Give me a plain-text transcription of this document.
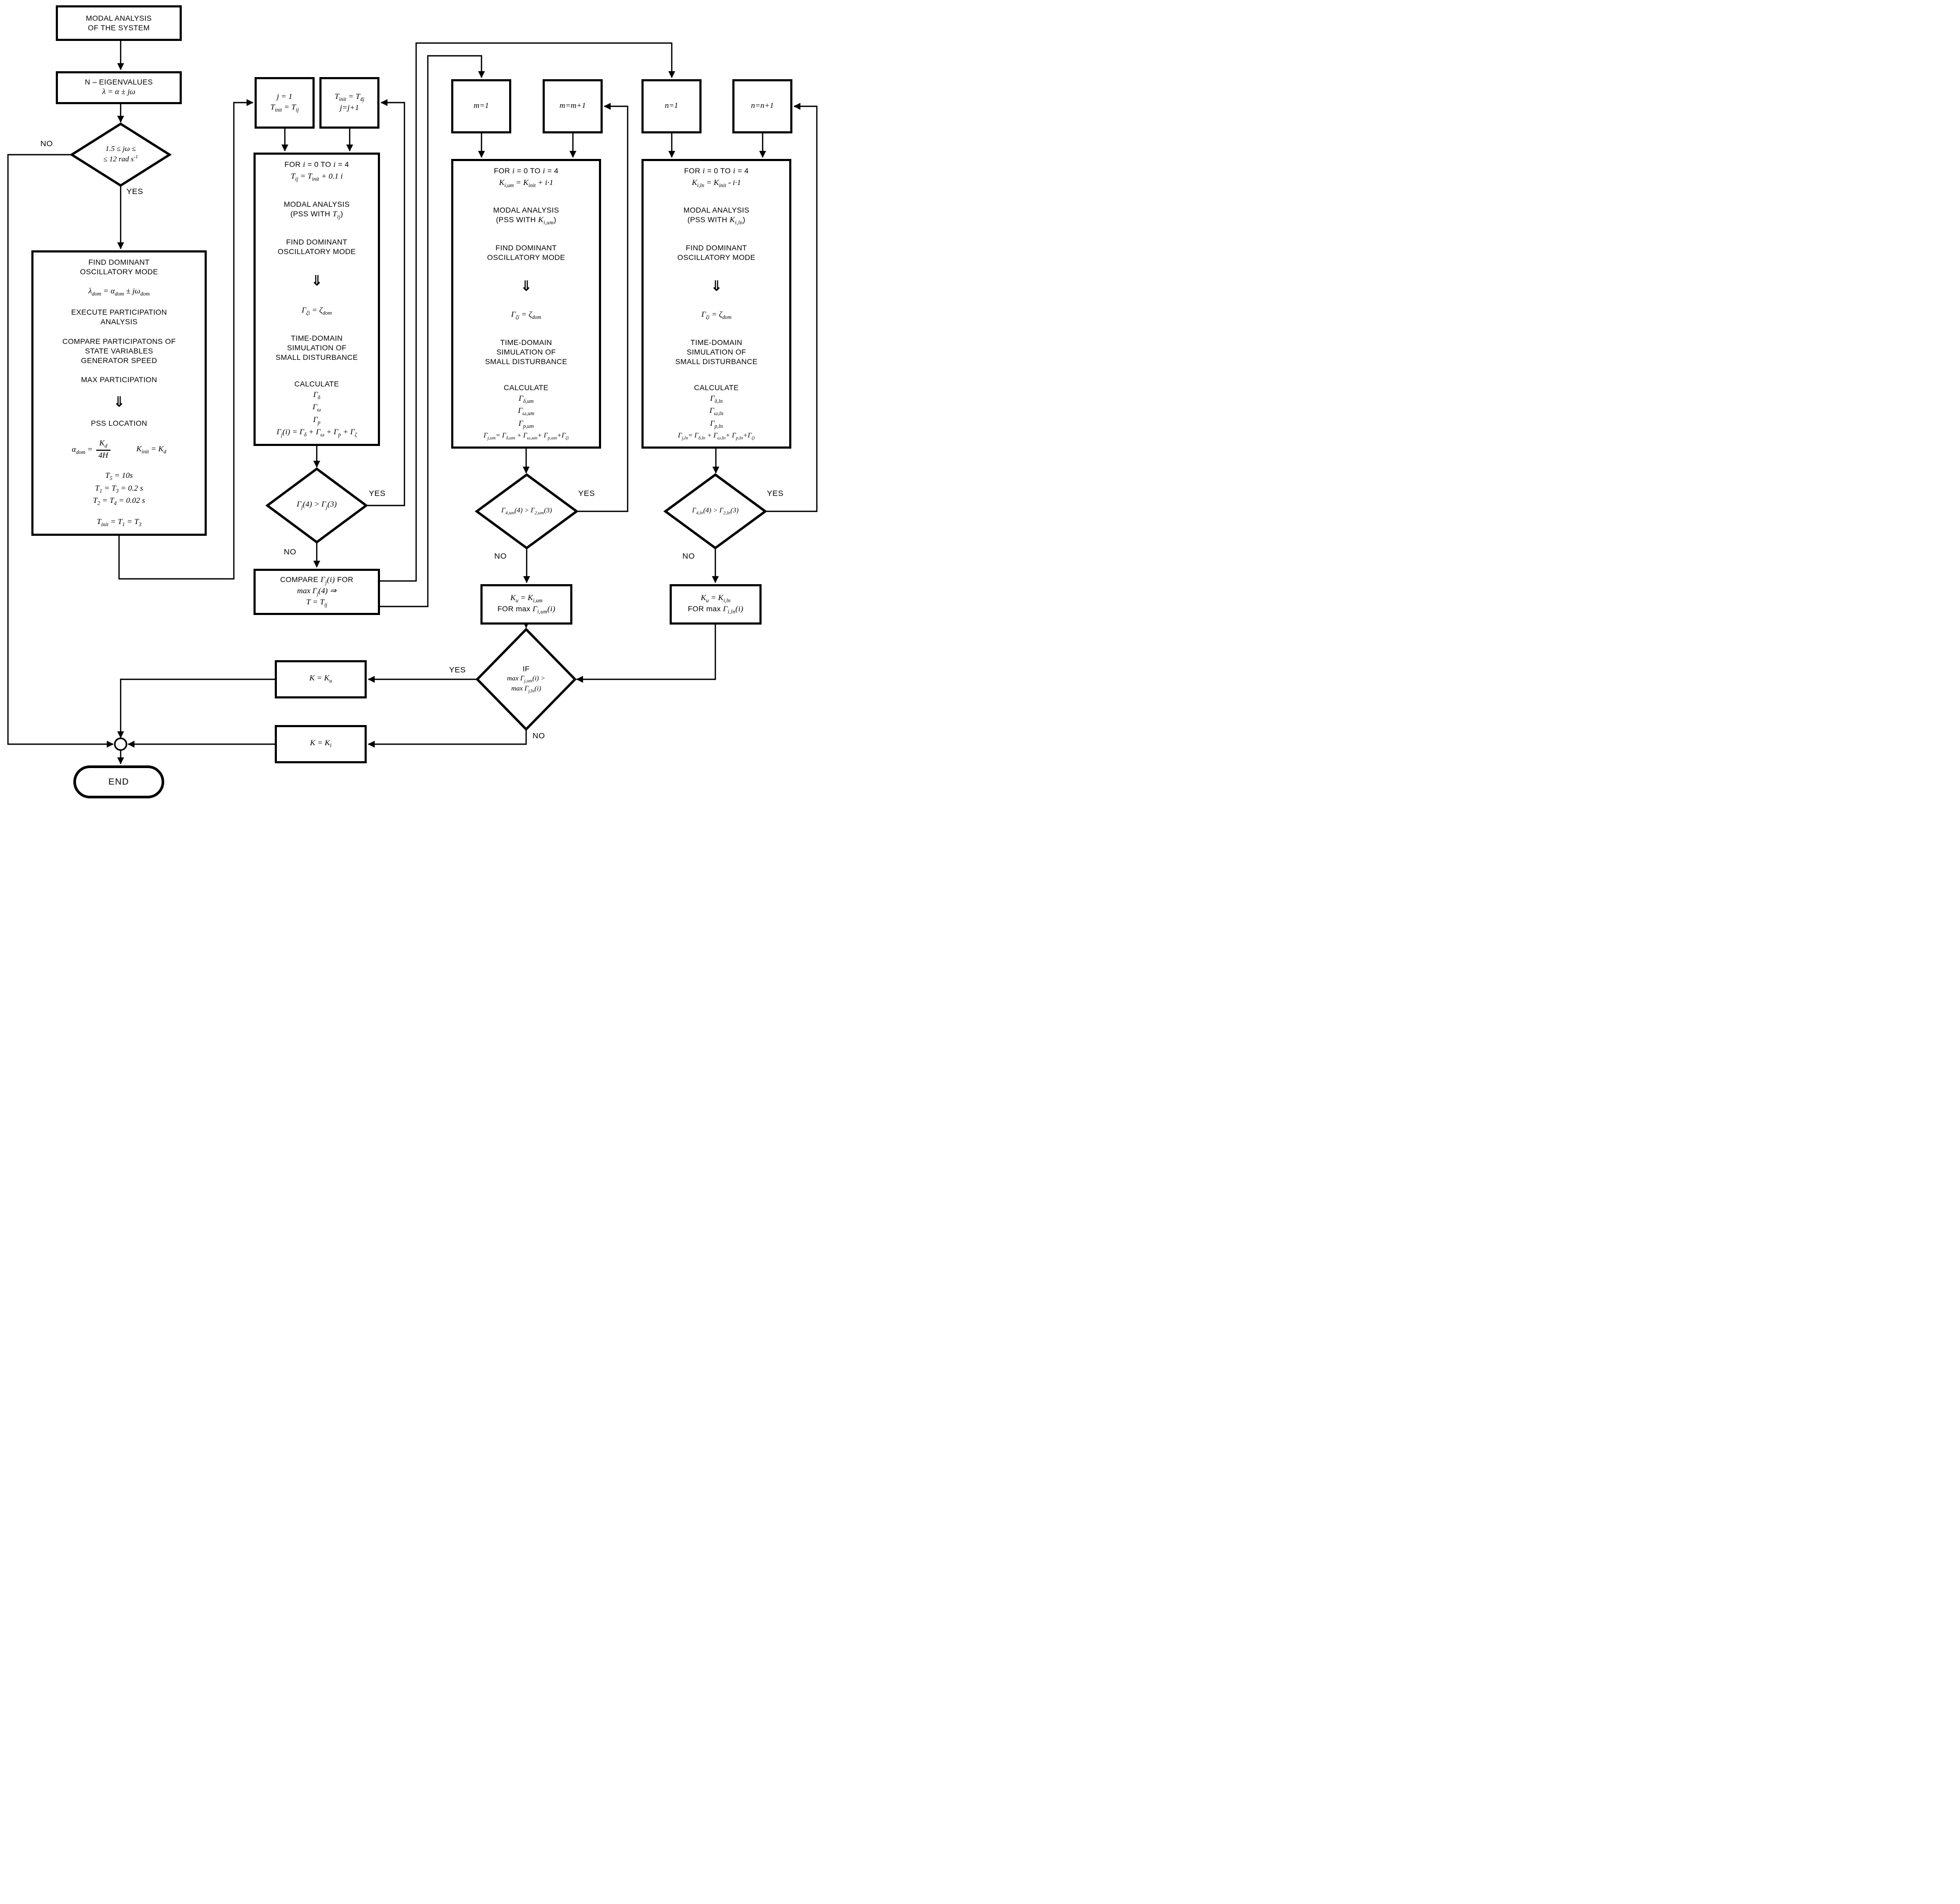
MODAL ANALYSIS
OF THE SYSTEM
N – EIGENVALUES
λ = α ± jω
FIND DOMINANT
OSCILLATORY MODE
$\lambda_{dom} = \alpha_{dom} \pm j\omega_{dom}$
EXECUTE PARTICIPATION
ANALYSIS
COMPARE PARTICIPATONS OF
STATE VARIABLES
GENERATOR SPEED
MAX PARTICIPATION
⇓
PSS LOCATION
$\alpha_{dom} = \frac{K_d}{4H}$	$K_{init} = K_d$
$T_5 = 10s$
$T_1 = T_3 = 0.2$ s
$T_2 = T_4 = 0.02$ s
$T_{init} = T_1 = T_3$
j = 1
$T_{init} = T_{ij}$
$T_{init} = T_{4j}$
j=j+1
FOR i = 0 TO i = 4
$T_{ij} = T_{init} + 0.1$ i
MODAL ANALYSIS
(PSS WITH $T_{ij}$)
FIND DOMINANT
OSCILLATORY MODE
⇓
$\Gamma_{\zeta i} = \zeta_{dom}$
TIME-DOMAIN
SIMULATION OF
SMALL DISTURBANCE
CALCULATE
$\Gamma_\delta$
$\Gamma_\omega$
$\Gamma_p$
$\Gamma_j(i) = \Gamma_\delta + \Gamma_\omega + \Gamma_p + \Gamma_\zeta$
COMPARE $\Gamma_j(i)$ FOR
$\max \Gamma_j(4)$ ⇒
$T = T_{ij}$
m=1	m=m+1
FOR i = 0 TO i = 4
$K_{i,um} = K_{init} + i\cdot 1$
MODAL ANALYSIS
(PSS WITH $K_{i,um}$)
FIND DOMINANT
OSCILLATORY MODE
⇓
$\Gamma_{\zeta i} = \zeta_{dom}$
TIME-DOMAIN
SIMULATION OF
SMALL DISTURBANCE
CALCULATE
$\Gamma_{\delta,um}$
$\Gamma_{\omega,um}$
$\Gamma_{p,um}$
$\Gamma_{j,um}= \Gamma_{\delta,um} + \Gamma_{\omega,um}+ \Gamma_{p,um}+\Gamma_{\zeta i}$
$K_u = K_{i,um}$
FOR $\max \Gamma_{i,um}(i)$
n=1	n=n+1
FOR i = 0 TO i = 4
$K_{i,ln} = K_{init} - i\cdot 1$
MODAL ANALYSIS
(PSS WITH $K_{i,ln}$)
FIND DOMINANT
OSCILLATORY MODE
⇓
$\Gamma_{\zeta i} = \zeta_{dom}$
TIME-DOMAIN
SIMULATION OF
SMALL DISTURBANCE
CALCULATE
$\Gamma_{\delta,ln}$
$\Gamma_{\omega,ln}$
$\Gamma_{p,ln}$
$\Gamma_{j,ln}= \Gamma_{\delta,ln} + \Gamma_{\omega,ln}+ \Gamma_{p,ln}+\Gamma_{\zeta i}$
$K_u = K_{i,ln}$
FOR $\max \Gamma_{i,ln}(i)$
$K = K_u$
$K = K_l$
END
1.5 ≤ jω ≤
≤ 12 rad $s^{-1}$
$\Gamma_j(4) > \Gamma_j(3)$
$\Gamma_{4,um}(4) > \Gamma_{2,um}(3)$	$\Gamma_{4,ln}(4) > \Gamma_{2,ln}(3)$
IF
$\max \Gamma_{j,um}(i)$ >
$\max \Gamma_{j,ln}(i)$
YES
NO
YES
NO
YES
NO
YES
NO
YES
NO
